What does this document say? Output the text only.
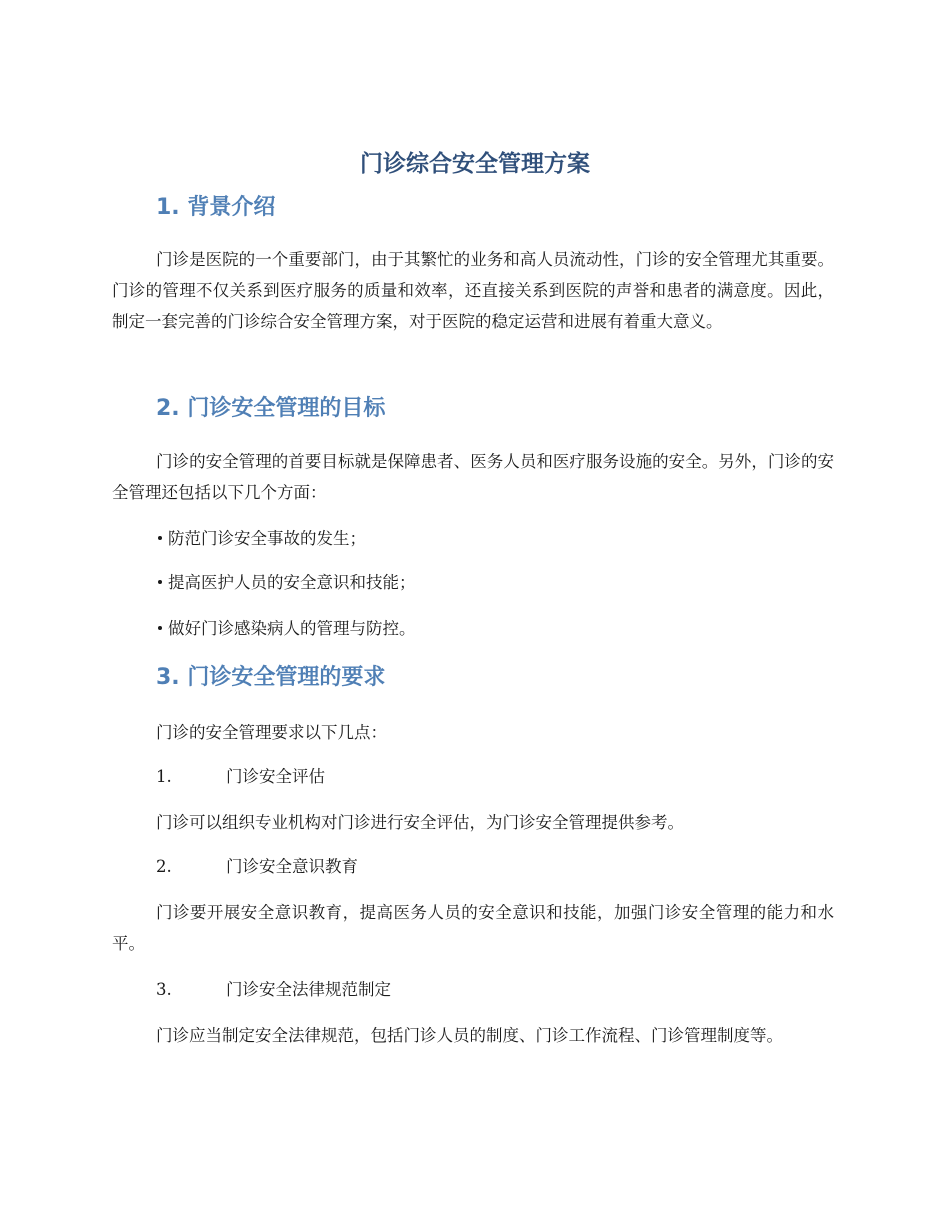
门诊综合安全管理方案
1. 背景介绍
门诊是医院的一个重要部门，由于其繁忙的业务和高人员流动性，门诊的安全管理尤其重要。门诊的管理不仅关系到医疗服务的质量和效率，还直接关系到医院的声誉和患者的满意度。因此，制定一套完善的门诊综合安全管理方案，对于医院的稳定运营和进展有着重大意义。
2. 门诊安全管理的目标
门诊的安全管理的首要目标就是保障患者、医务人员和医疗服务设施的安全。另外，门诊的安全管理还包括以下几个方面：
防范门诊安全事故的发生；
提高医护人员的安全意识和技能；
做好门诊感染病人的管理与防控。
3. 门诊安全管理的要求
门诊的安全管理要求以下几点：
1.	门诊安全评估
门诊可以组织专业机构对门诊进行安全评估，为门诊安全管理提供参考。
2.	门诊安全意识教育
门诊要开展安全意识教育，提高医务人员的安全意识和技能，加强门诊安全管理的能力和水平。
3.	门诊安全法律规范制定
门诊应当制定安全法律规范，包括门诊人员的制度、门诊工作流程、门诊管理制度等。
